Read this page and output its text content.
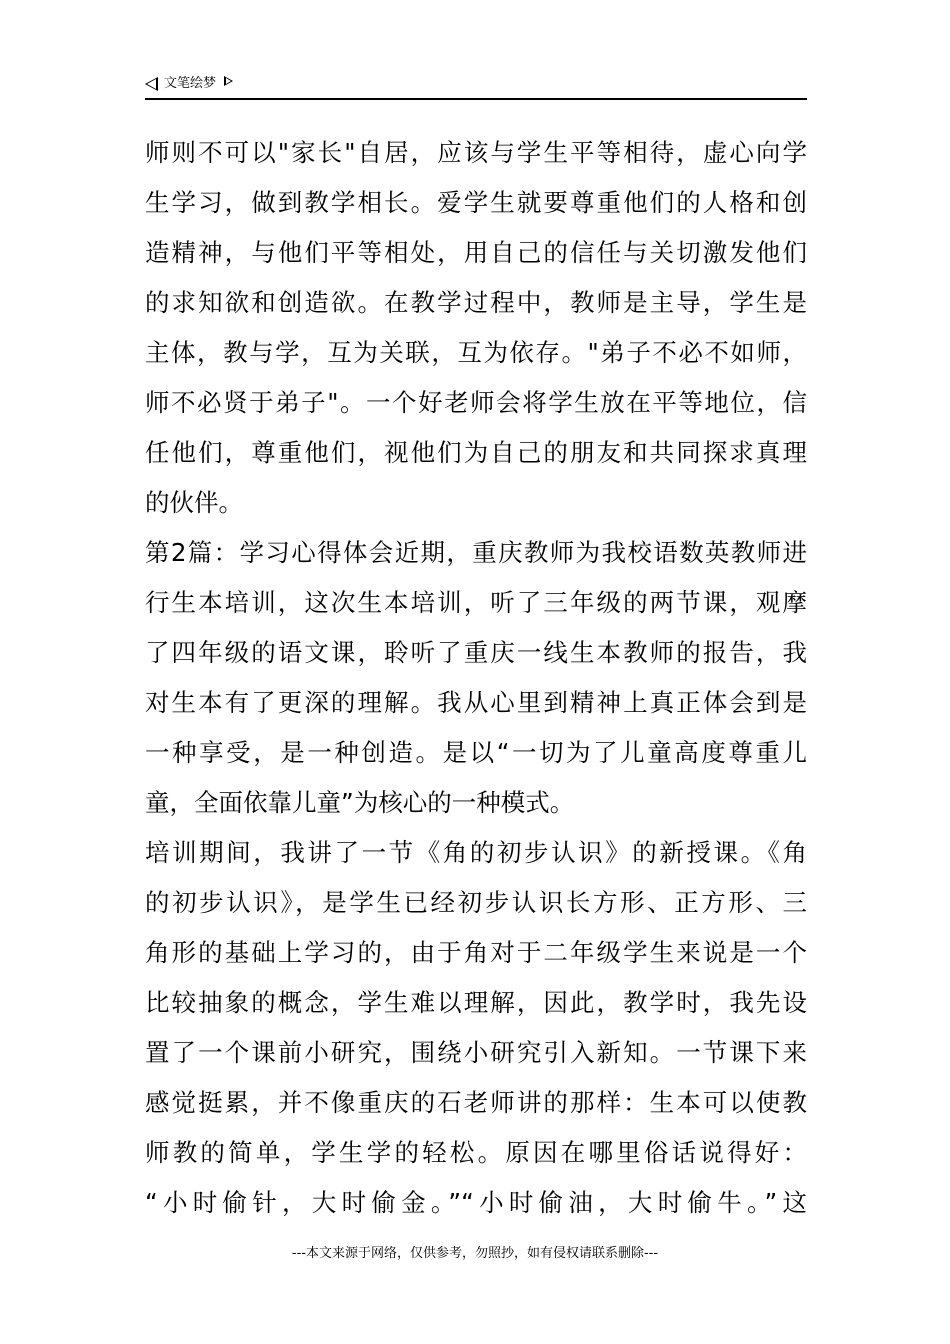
文笔绘梦
师则不可以"家长"自居，应该与学生平等相待，虚心向学
生学习，做到教学相长。爱学生就要尊重他们的人格和创
造精神，与他们平等相处，用自己的信任与关切激发他们
的求知欲和创造欲。在教学过程中，教师是主导，学生是
主体，教与学，互为关联，互为依存。"弟子不必不如师，
师不必贤于弟子"。一个好老师会将学生放在平等地位，信
任他们，尊重他们，视他们为自己的朋友和共同探求真理
的伙伴。
第2篇：学习心得体会近期，重庆教师为我校语数英教师进
行生本培训，这次生本培训，听了三年级的两节课，观摩
了四年级的语文课，聆听了重庆一线生本教师的报告，我
对生本有了更深的理解。我从心里到精神上真正体会到是
一种享受，是一种创造。是以“一切为了儿童高度尊重儿
童，全面依靠儿童”为核心的一种模式。
培训期间，我讲了一节《角的初步认识》的新授课。《角
的初步认识》，是学生已经初步认识长方形、正方形、三
角形的基础上学习的，由于角对于二年级学生来说是一个
比较抽象的概念，学生难以理解，因此，教学时，我先设
置了一个课前小研究，围绕小研究引入新知。一节课下来
感觉挺累，并不像重庆的石老师讲的那样：生本可以使教
师教的简单，学生学的轻松。原因在哪里俗话说得好：
“小时偷针，大时偷金。”“小时偷油，大时偷牛。”这
---本文来源于网络，仅供参考，勿照抄，如有侵权请联系删除---
